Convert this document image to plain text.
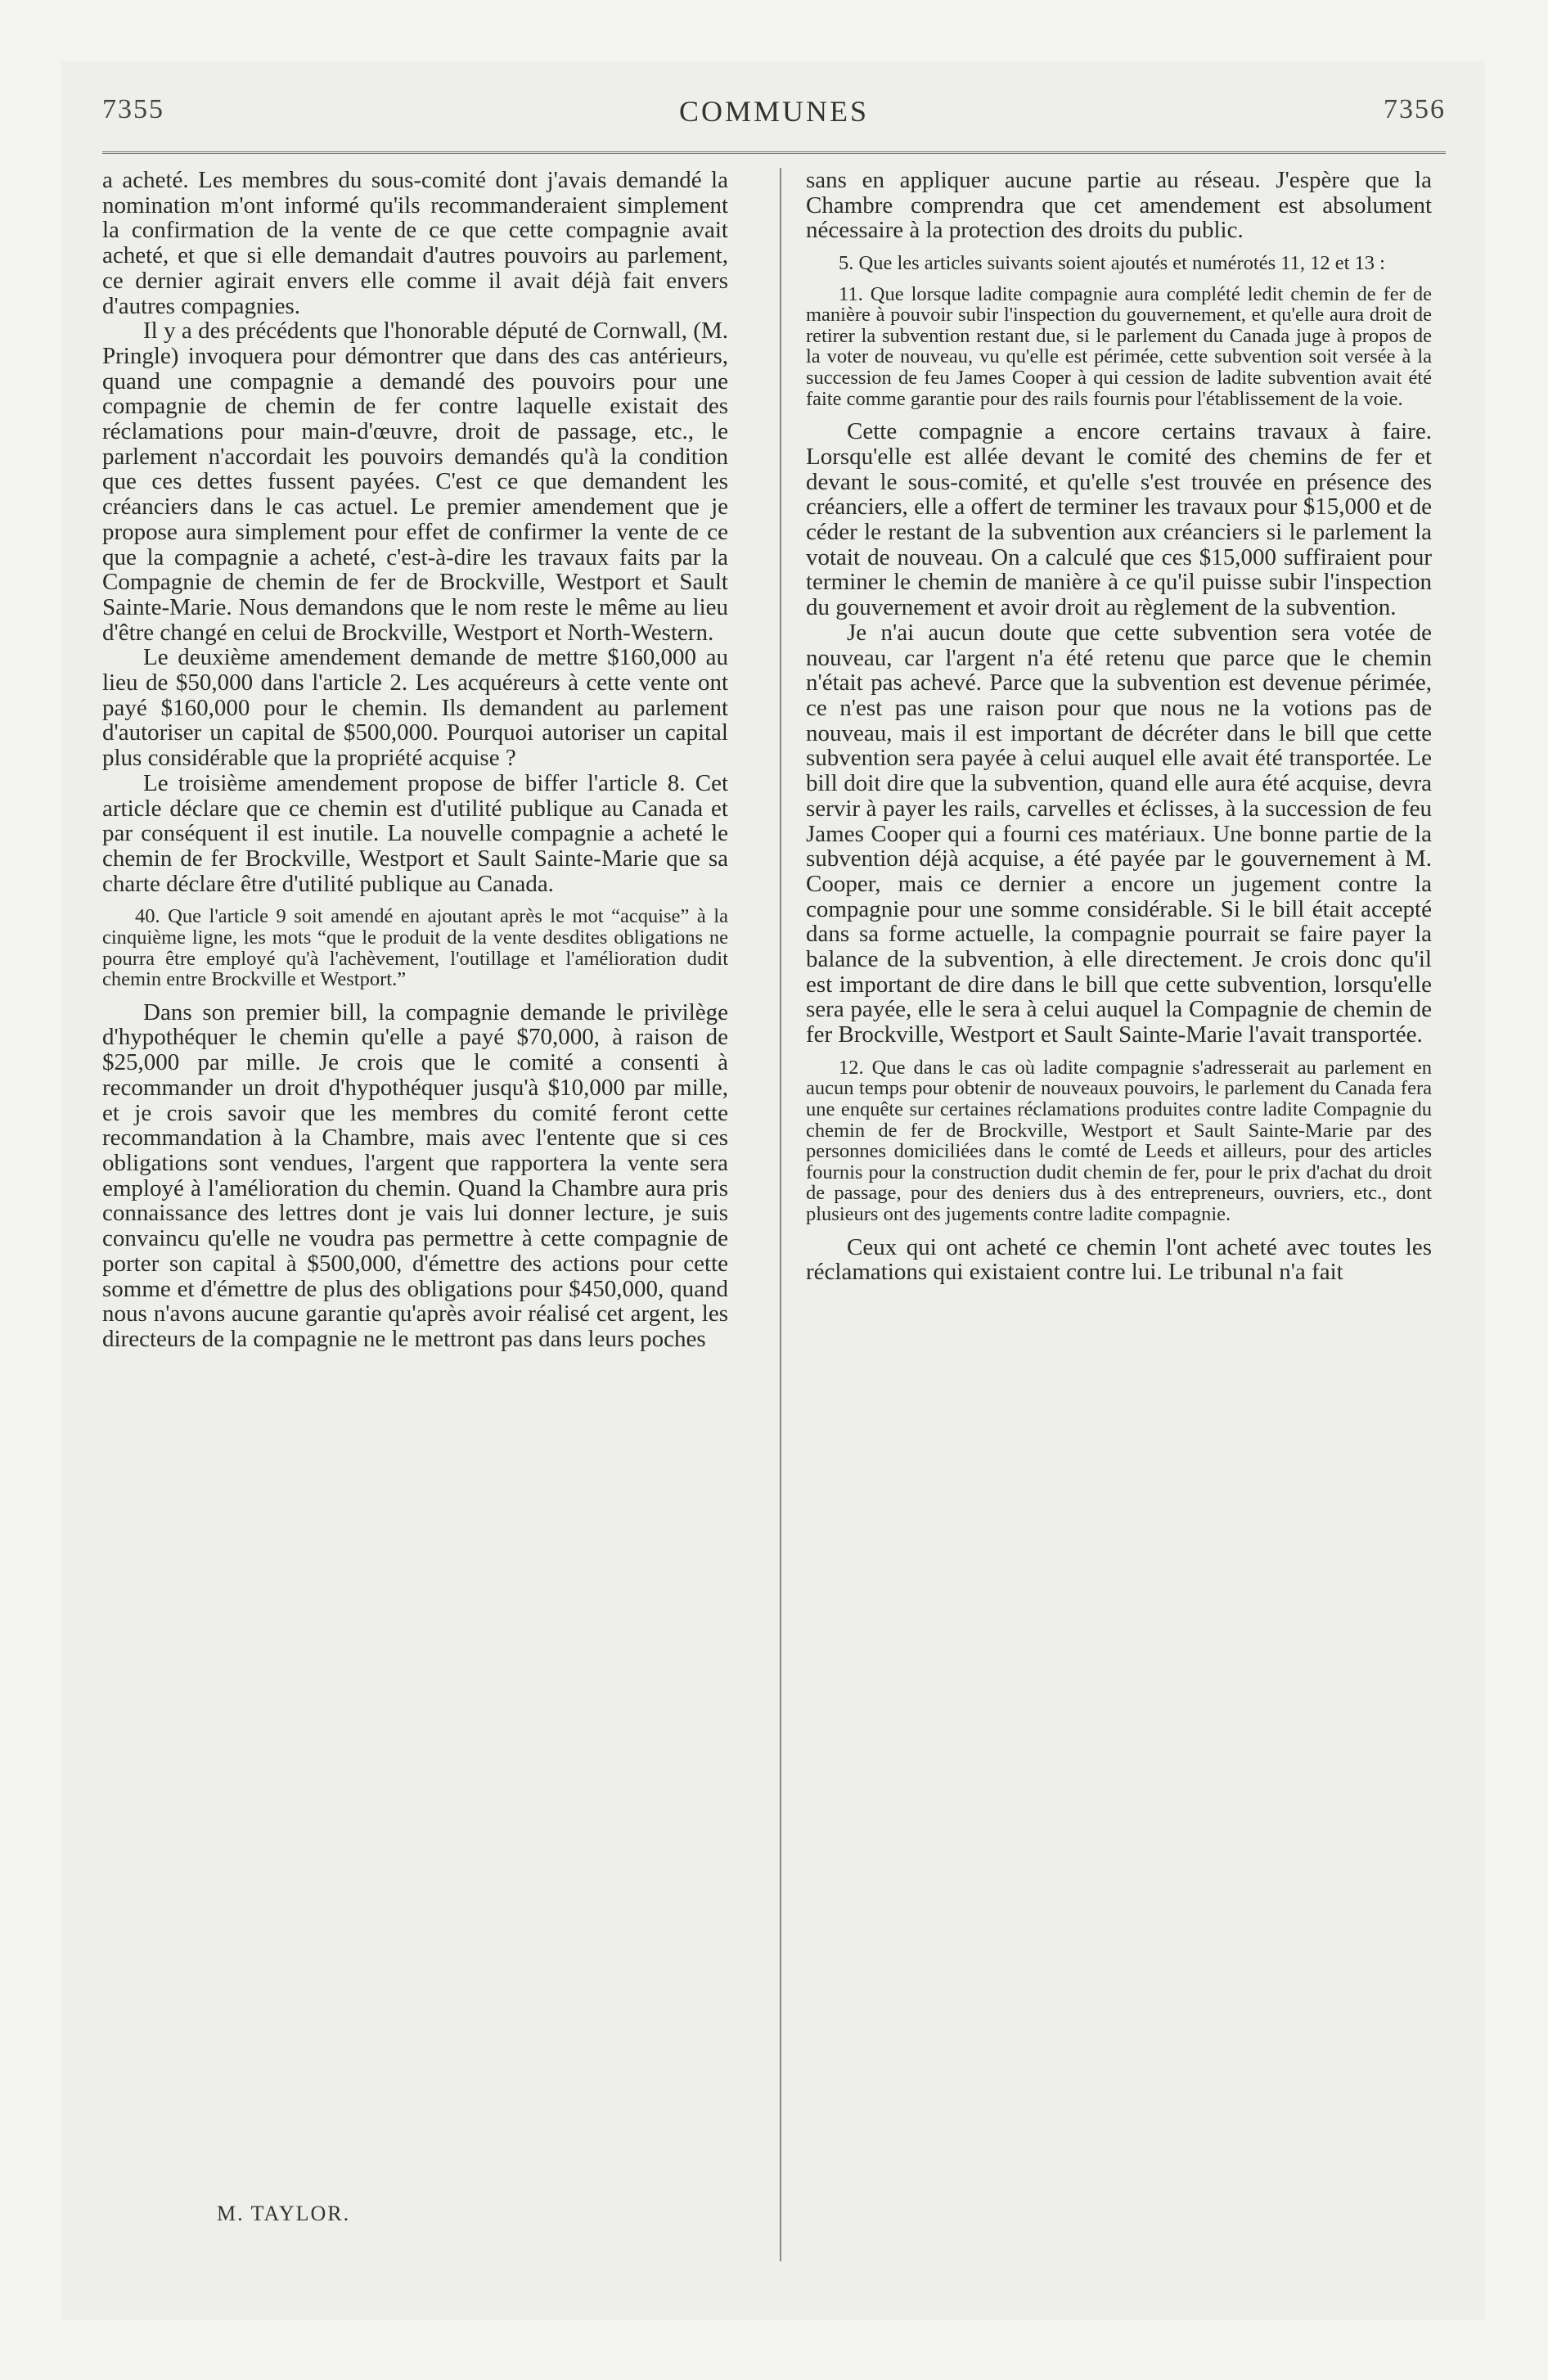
7355	COMMUNES	7356

a acheté. Les membres du sous-comité dont j'avais demandé la nomination m'ont informé qu'ils recommanderaient simplement la confirmation de la vente de ce que cette compagnie avait acheté, et que si elle demandait d'autres pouvoirs au parlement, ce dernier agirait envers elle comme il avait déjà fait envers d'autres compagnies.

Il y a des précédents que l'honorable député de Cornwall, (M. Pringle) invoquera pour démontrer que dans des cas antérieurs, quand une compagnie a demandé des pouvoirs pour une compagnie de chemin de fer contre laquelle existait des réclamations pour main-d'œuvre, droit de passage, etc., le parlement n'accordait les pouvoirs demandés qu'à la condition que ces dettes fussent payées. C'est ce que demandent les créanciers dans le cas actuel. Le premier amendement que je propose aura simplement pour effet de confirmer la vente de ce que la compagnie a acheté, c'est-à-dire les travaux faits par la Compagnie de chemin de fer de Brockville, Westport et Sault Sainte-Marie. Nous demandons que le nom reste le même au lieu d'être changé en celui de Brockville, Westport et North-Western.

Le deuxième amendement demande de mettre $160,000 au lieu de $50,000 dans l'article 2. Les acquéreurs à cette vente ont payé $160,000 pour le chemin. Ils demandent au parlement d'autoriser un capital de $500,000. Pourquoi autoriser un capital plus considérable que la propriété acquise ?

Le troisième amendement propose de biffer l'article 8. Cet article déclare que ce chemin est d'utilité publique au Canada et par conséquent il est inutile. La nouvelle compagnie a acheté le chemin de fer Brockville, Westport et Sault Sainte-Marie que sa charte déclare être d'utilité publique au Canada.

40. Que l'article 9 soit amendé en ajoutant après le mot “acquise” à la cinquième ligne, les mots “que le produit de la vente desdites obligations ne pourra être employé qu'à l'achèvement, l'outillage et l'amélioration dudit chemin entre Brockville et Westport.”

Dans son premier bill, la compagnie demande le privilège d'hypothéquer le chemin qu'elle a payé $70,000, à raison de $25,000 par mille. Je crois que le comité a consenti à recommander un droit d'hypothéquer jusqu'à $10,000 par mille, et je crois savoir que les membres du comité feront cette recommandation à la Chambre, mais avec l'entente que si ces obligations sont vendues, l'argent que rapportera la vente sera employé à l'amélioration du chemin. Quand la Chambre aura pris connaissance des lettres dont je vais lui donner lecture, je suis convaincu qu'elle ne voudra pas permettre à cette compagnie de porter son capital à $500,000, d'émettre des actions pour cette somme et d'émettre de plus des obligations pour $450,000, quand nous n'avons aucune garantie qu'après avoir réalisé cet argent, les directeurs de la compagnie ne le mettront pas dans leurs poches

sans en appliquer aucune partie au réseau. J'espère que la Chambre comprendra que cet amendement est absolument nécessaire à la protection des droits du public.

5. Que les articles suivants soient ajoutés et numérotés 11, 12 et 13 :

11. Que lorsque ladite compagnie aura complété ledit chemin de fer de manière à pouvoir subir l'inspection du gouvernement, et qu'elle aura droit de retirer la subvention restant due, si le parlement du Canada juge à propos de la voter de nouveau, vu qu'elle est périmée, cette subvention soit versée à la succession de feu James Cooper à qui cession de ladite subvention avait été faite comme garantie pour des rails fournis pour l'établissement de la voie.

Cette compagnie a encore certains travaux à faire. Lorsqu'elle est allée devant le comité des chemins de fer et devant le sous-comité, et qu'elle s'est trouvée en présence des créanciers, elle a offert de terminer les travaux pour $15,000 et de céder le restant de la subvention aux créanciers si le parlement la votait de nouveau. On a calculé que ces $15,000 suffiraient pour terminer le chemin de manière à ce qu'il puisse subir l'inspection du gouvernement et avoir droit au règlement de la subvention.

Je n'ai aucun doute que cette subvention sera votée de nouveau, car l'argent n'a été retenu que parce que le chemin n'était pas achevé. Parce que la subvention est devenue périmée, ce n'est pas une raison pour que nous ne la votions pas de nouveau, mais il est important de décréter dans le bill que cette subvention sera payée à celui auquel elle avait été transportée. Le bill doit dire que la subvention, quand elle aura été acquise, devra servir à payer les rails, carvelles et éclisses, à la succession de feu James Cooper qui a fourni ces matériaux. Une bonne partie de la subvention déjà acquise, a été payée par le gouvernement à M. Cooper, mais ce dernier a encore un jugement contre la compagnie pour une somme considérable. Si le bill était accepté dans sa forme actuelle, la compagnie pourrait se faire payer la balance de la subvention, à elle directement. Je crois donc qu'il est important de dire dans le bill que cette subvention, lorsqu'elle sera payée, elle le sera à celui auquel la Compagnie de chemin de fer Brockville, Westport et Sault Sainte-Marie l'avait transportée.

12. Que dans le cas où ladite compagnie s'adresserait au parlement en aucun temps pour obtenir de nouveaux pouvoirs, le parlement du Canada fera une enquête sur certaines réclamations produites contre ladite Compagnie du chemin de fer de Brockville, Westport et Sault Sainte-Marie par des personnes domiciliées dans le comté de Leeds et ailleurs, pour des articles fournis pour la construction dudit chemin de fer, pour le prix d'achat du droit de passage, pour des deniers dus à des entrepreneurs, ouvriers, etc., dont plusieurs ont des jugements contre ladite compagnie.

Ceux qui ont acheté ce chemin l'ont acheté avec toutes les réclamations qui existaient contre lui. Le tribunal n'a fait

M. TAYLOR.
